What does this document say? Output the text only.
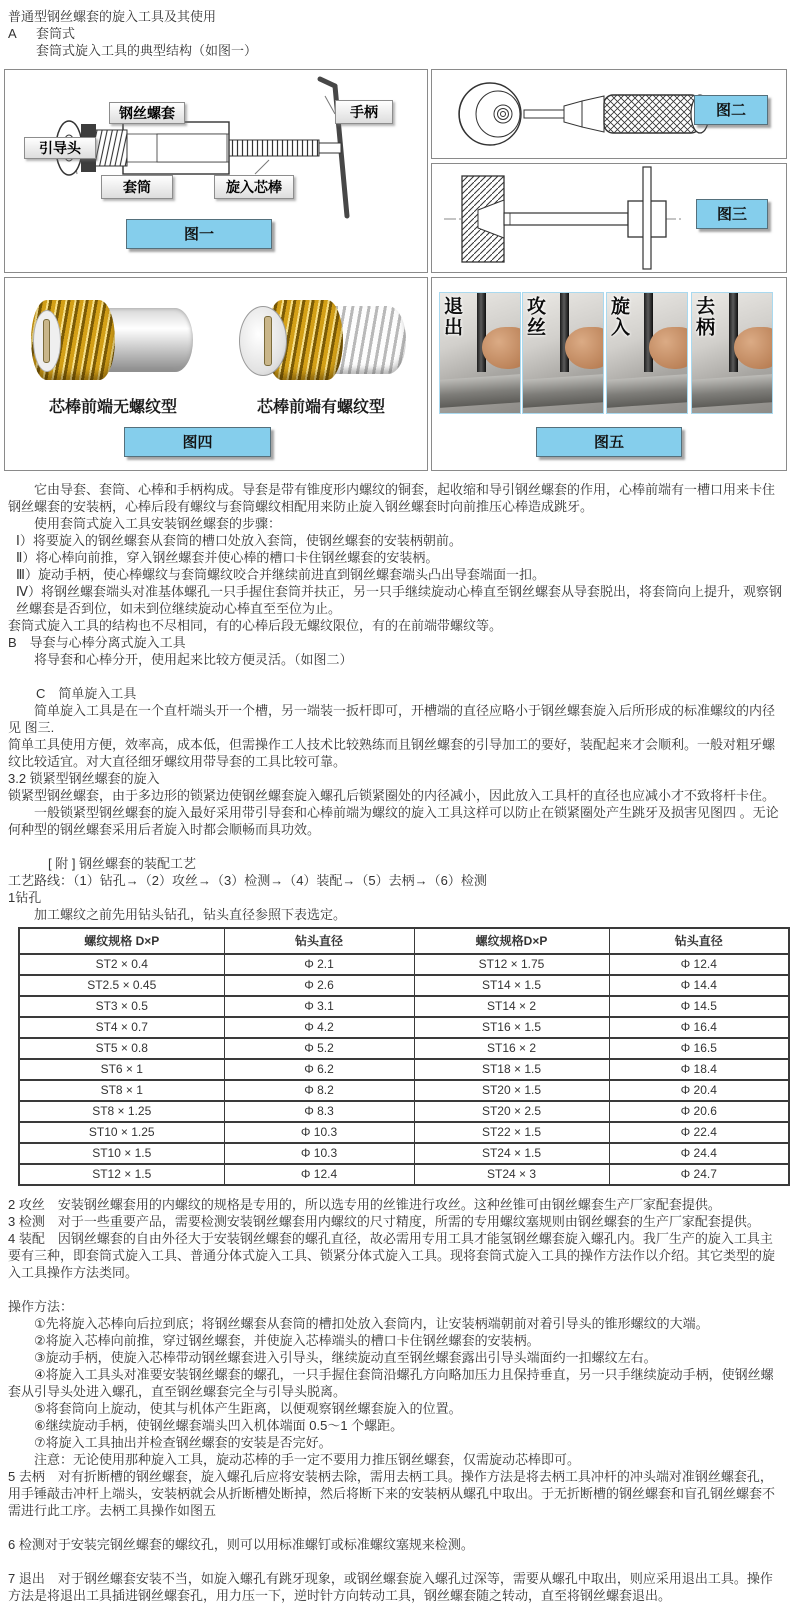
普通型钢丝螺套的旋入工具及其使用

A	套筒式

套筒式旋入工具的典型结构（如图一）

钢丝螺套	手柄
引导头
套筒	旋入芯棒
图一
图二
图三
芯棒前端无螺纹型	芯棒前端有螺纹型
图四
退出	攻丝	旋入	去柄
图五

它由导套、套筒、心棒和手柄构成。导套是带有锥度形内螺纹的铜套，起收缩和导引钢丝螺套的作用，心棒前端有一槽口用来卡住钢丝螺套的安装柄，心棒后段有螺纹与套筒螺纹相配用来防止旋入钢丝螺套时向前推压心棒造成跳牙。

使用套筒式旋入工具安装钢丝螺套的步骤：

Ⅰ）将要旋入的钢丝螺套从套筒的槽口处放入套筒，使钢丝螺套的安装柄朝前。

Ⅱ）将心棒向前推，穿入钢丝螺套并使心棒的槽口卡住钢丝螺套的安装柄。

Ⅲ）旋动手柄，使心棒螺纹与套筒螺纹咬合并继续前进直到钢丝螺套端头凸出导套端面一扣。

Ⅳ）将钢丝螺套端头对准基体螺孔一只手握住套筒并扶正，另一只手继续旋动心棒直至钢丝螺套从导套脱出，将套筒向上提升，观察钢丝螺套是否到位，如未到位继续旋动心棒直至至位为止。

套筒式旋入工具的结构也不尽相同，有的心棒后段无螺纹限位，有的在前端带螺纹等。

B　导套与心棒分离式旋入工具

将导套和心棒分开，使用起来比较方便灵活。（如图二）

C　简单旋入工具

简单旋入工具是在一个直杆端头开一个槽，另一端装一扳杆即可，开槽端的直径应略小于钢丝螺套旋入后所形成的标准螺纹的内径见 图三.

简单工具使用方便，效率高，成本低，但需操作工人技术比较熟练而且钢丝螺套的引导加工的要好，装配起来才会顺利。一般对粗牙螺纹比较适宜。对大直径细牙螺纹用带导套的工具比较可靠。

3.2 锁紧型钢丝螺套的旋入

锁紧型钢丝螺套，由于多边形的锁紧边使钢丝螺套旋入螺孔后锁紧圈处的内径减小，因此放入工具杆的直径也应减小才不致将杆卡住。

一般锁紧型钢丝螺套的旋入最好采用带引导套和心棒前端为螺纹的旋入工具这样可以防止在锁紧圈处产生跳牙及损害见图四 。无论何种型的钢丝螺套采用后者旋入时都会顺畅而具功效。

[ 附 ] 钢丝螺套的装配工艺

工艺路线：（1）钻孔→（2）攻丝→（3）检测→（4）装配→（5）去柄→（6）检测

1钻孔

加工螺纹之前先用钻头钻孔，钻头直径参照下表选定。

螺纹规格 D×P	钻头直径	螺纹规格D×P	钻头直径
ST2 × 0.4	Φ 2.1	ST12 × 1.75	Φ 12.4
ST2.5 × 0.45	Φ 2.6	ST14 × 1.5	Φ 14.4
ST3 × 0.5	Φ 3.1	ST14 × 2	Φ 14.5
ST4 × 0.7	Φ 4.2	ST16 × 1.5	Φ 16.4
ST5 × 0.8	Φ 5.2	ST16 × 2	Φ 16.5
ST6 × 1	Φ 6.2	ST18 × 1.5	Φ 18.4
ST8 × 1	Φ 8.2	ST20 × 1.5	Φ 20.4
ST8 × 1.25	Φ 8.3	ST20 × 2.5	Φ 20.6
ST10 × 1.25	Φ 10.3	ST22 × 1.5	Φ 22.4
ST10 × 1.5	Φ 10.3	ST24 × 1.5	Φ 24.4
ST12 × 1.5	Φ 12.4	ST24 × 3	Φ 24.7

2 攻丝　安装钢丝螺套用的内螺纹的规格是专用的，所以选专用的丝锥进行攻丝。这种丝锥可由钢丝螺套生产厂家配套提供。

3 检测　对于一些重要产品，需要检测安装钢丝螺套用内螺纹的尺寸精度，所需的专用螺纹塞规则由钢丝螺套的生产厂家配套提供。

4 装配　因钢丝螺套的自由外径大于安装钢丝螺套的螺孔直径，故必需用专用工具才能氢钢丝螺套旋入螺孔内。我厂生产的旋入工具主要有三种，即套筒式旋入工具、普通分体式旋入工具、锁紧分体式旋入工具。现将套筒式旋入工具的操作方法作以介绍。其它类型的旋入工具操作方法类同。

操作方法：

①先将旋入芯棒向后拉到底；将钢丝螺套从套筒的槽扣处放入套筒内，让安装柄端朝前对着引导头的锥形螺纹的大端。

②将旋入芯棒向前推，穿过钢丝螺套，并使旋入芯棒端头的槽口卡住钢丝螺套的安装柄。

③旋动手柄，使旋入芯棒带动钢丝螺套进入引导头，继续旋动直至钢丝螺套露出引导头端面约一扣螺纹左右。

④将旋入工具头对准要安装钢丝螺套的螺孔，一只手握住套筒沿螺孔方向略加压力且保持垂直，另一只手继续旋动手柄，使钢丝螺套从引导头处进入螺孔，直至钢丝螺套完全与引导头脱离。

⑤将套筒向上旋动，使其与机体产生距离，以便观察钢丝螺套旋入的位置。

⑥继续旋动手柄，使钢丝螺套端头凹入机体端面 0.5～1 个螺距。

⑦将旋入工具抽出并检查钢丝螺套的安装是否完好。

注意：无论使用那种旋入工具，旋动芯棒的手一定不要用力推压钢丝螺套，仅需旋动芯棒即可。

5 去柄　对有折断槽的钢丝螺套，旋入螺孔后应将安装柄去除，需用去柄工具。操作方法是将去柄工具冲杆的冲头端对准钢丝螺套孔，用手锤敲击冲杆上端头，安装柄就会从折断槽处断掉，然后将断下来的安装柄从螺孔中取出。于无折断槽的钢丝螺套和盲孔钢丝螺套不需进行此工序。去柄工具操作如图五

6 检测对于安装完钢丝螺套的螺纹孔，则可以用标准螺钉或标准螺纹塞规来检测。

7 退出　对于钢丝螺套安装不当，如旋入螺孔有跳牙现象，或钢丝螺套旋入螺孔过深等，需要从螺孔中取出，则应采用退出工具。操作方法是将退出工具插进钢丝螺套孔，用力压一下，逆时针方向转动工具，钢丝螺套随之转动，直至将钢丝螺套退出。
